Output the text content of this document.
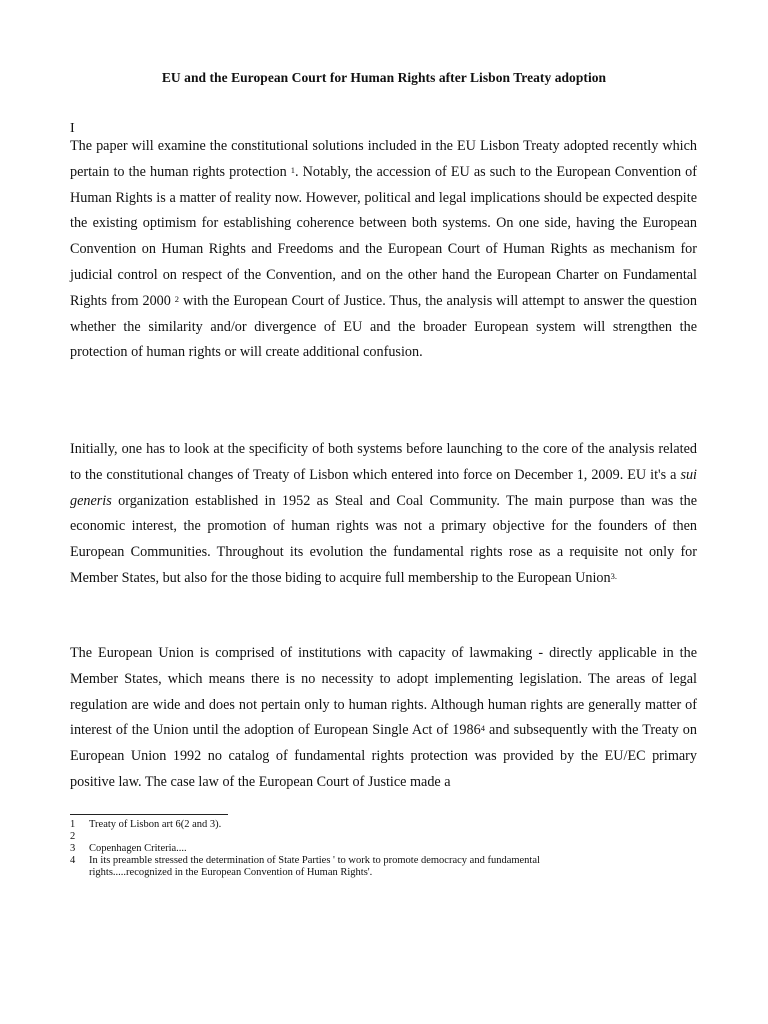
EU and the European Court for Human Rights after Lisbon Treaty adoption
I

The paper will examine the constitutional solutions included in the EU Lisbon Treaty adopted recently which pertain to the human rights protection $^1$. Notably, the accession of EU as such to the European Convention of Human Rights is a matter of reality now. However, political and legal implications should be expected despite the existing optimism for establishing coherence between both systems. On one side, having the European Convention on Human Rights and Freedoms and the European Court of Human Rights as mechanism for judicial control on respect of the Convention, and on the other hand the European Charter on Fundamental Rights from 2000 $^2$ with the European Court of Justice. Thus, the analysis will attempt to answer the question whether the similarity and/or divergence of EU and the broader European system will strengthen the protection of human rights or will create additional confusion.

Initially, one has to look at the specificity of both systems before launching to the core of the analysis related to the constitutional changes of Treaty of Lisbon which entered into force on December 1, 2009. EU it's a sui generis organization established in 1952 as Steal and Coal Community. The main purpose than was the economic interest, the promotion of human rights was not a primary objective for the founders of then European Communities. Throughout its evolution the fundamental rights rose as a requisite not only for Member States, but also for the those biding to acquire full membership to the European Union$^{3.}$

The European Union is comprised of institutions with capacity of lawmaking - directly applicable in the Member States, which means there is no necessity to adopt implementing legislation. The areas of legal regulation are wide and does not pertain only to human rights. Although human rights are generally matter of interest of the Union until the adoption of European Single Act of 1986$^4$ and subsequently with the Treaty on European Union 1992 no catalog of fundamental rights protection was provided by the EU/EC primary positive law. The case law of the European Court of Justice made a

1	Treaty of Lisbon art 6(2 and 3).
2
3	Copenhagen Criteria....
4	In its preamble stressed the determination of State Parties ' to work to promote democracy and fundamental
rights.....recognized in the European Convention of Human Rights'.
